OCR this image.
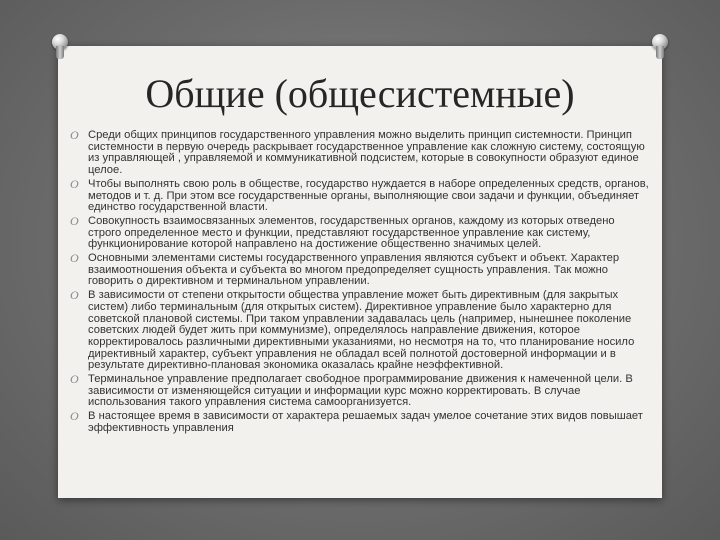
Общие (общесистемные)
O Среди общих принципов государственного управления можно выделить принцип системности. Принцип системности в первую очередь раскрывает государственное управление как сложную систему, состоящую из управляющей , управляемой и коммуникативной подсистем, которые в совокупности образуют единое целое.
O Чтобы выполнять свою роль в обществе, государство нуждается в наборе определенных средств, органов, методов и т. д. При этом все государственные органы, выполняющие свои задачи и функции, объединяет единство государственной власти.
O Совокупность взаимосвязанных элементов, государственных органов, каждому из которых отведено строго определенное место и функции, представляют государственное управление как систему, функционирование которой направлено на достижение общественно значимых целей.
O Основными элементами системы государственного управления являются субъект и объект. Характер взаимоотношения объекта и субъекта во многом предопределяет сущность управления. Так можно говорить о директивном и терминальном управлении.
O В зависимости от степени открытости общества управление может быть директивным (для закрытых систем) либо терминальным (для открытых систем). Директивное управление было характерно для советской плановой системы. При таком управлении задавалась цель (например, нынешнее поколение советских людей будет жить при коммунизме), определялось направление движения, которое корректировалось различными директивными указаниями, но несмотря на то, что планирование носило директивный характер, субъект управления не обладал всей полнотой достоверной информации и в результате директивно-плановая экономика оказалась крайне неэффективной.
O Терминальное управление предполагает свободное программирование движения к намеченной цели. В зависимости от изменяющейся ситуации и информации курс можно корректировать. В случае использования такого управления система самоорганизуется.
O В настоящее время в зависимости от характера решаемых задач умелое сочетание этих видов повышает эффективность управления
